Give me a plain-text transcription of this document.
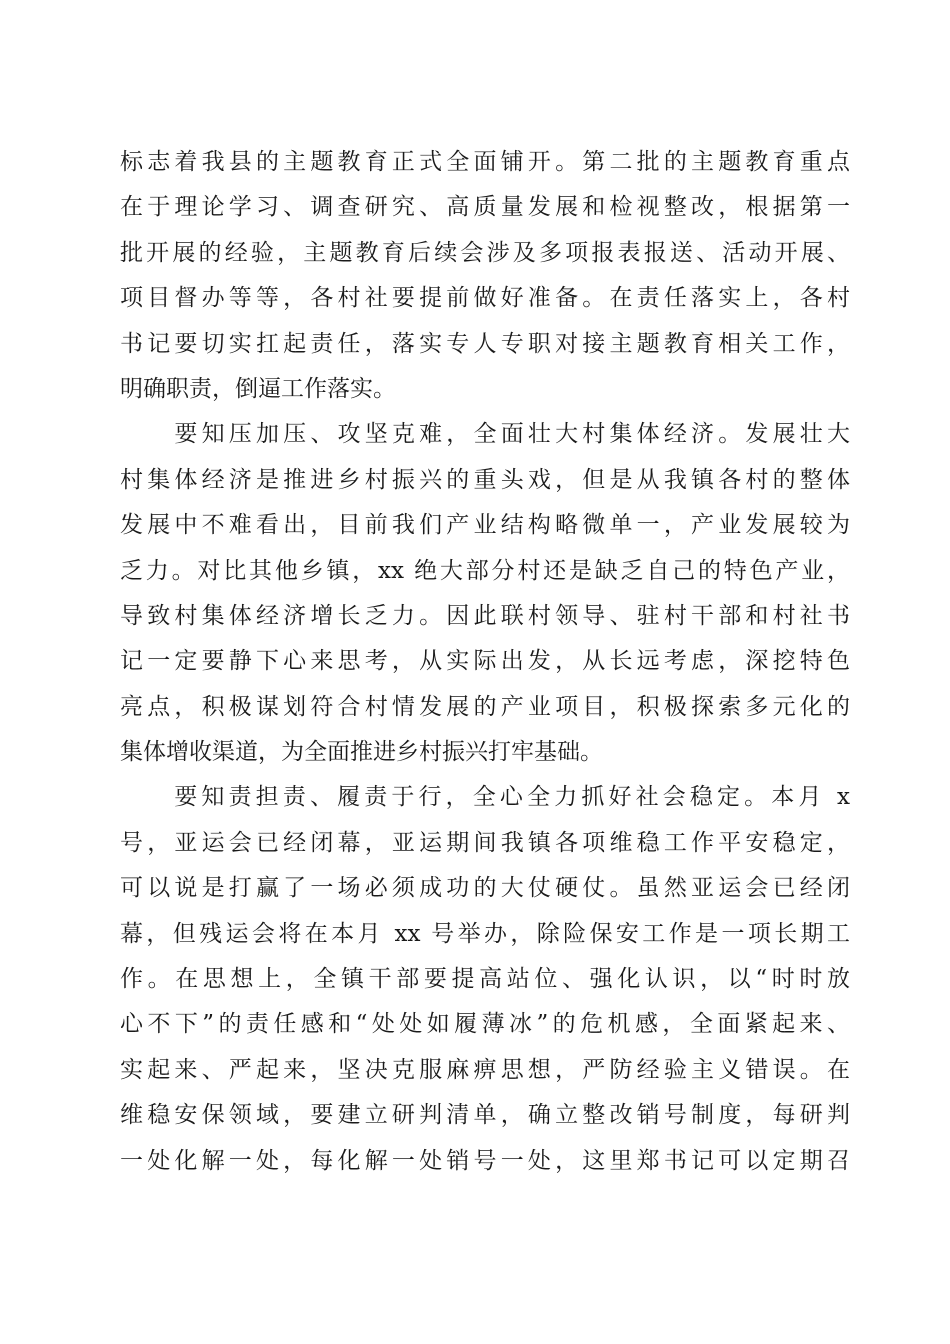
标志着我县的主题教育正式全面铺开。第二批的主题教育重点
在于理论学习、调查研究、高质量发展和检视整改，根据第一
批开展的经验，主题教育后续会涉及多项报表报送、活动开展、
项目督办等等，各村社要提前做好准备。在责任落实上，各村
书记要切实扛起责任，落实专人专职对接主题教育相关工作，
明确职责，倒逼工作落实。
　　要知压加压、攻坚克难，全面壮大村集体经济。发展壮大
村集体经济是推进乡村振兴的重头戏，但是从我镇各村的整体
发展中不难看出，目前我们产业结构略微单一，产业发展较为
乏力。对比其他乡镇，xx 绝大部分村还是缺乏自己的特色产业，
导致村集体经济增长乏力。因此联村领导、驻村干部和村社书
记一定要静下心来思考，从实际出发，从长远考虑，深挖特色
亮点，积极谋划符合村情发展的产业项目，积极探索多元化的
集体增收渠道，为全面推进乡村振兴打牢基础。
　　要知责担责、履责于行，全心全力抓好社会稳定。本月 x
号，亚运会已经闭幕，亚运期间我镇各项维稳工作平安稳定，
可以说是打赢了一场必须成功的大仗硬仗。虽然亚运会已经闭
幕，但残运会将在本月 xx 号举办，除险保安工作是一项长期工
作。在思想上，全镇干部要提高站位、强化认识，以“时时放
心不下”的责任感和“处处如履薄冰”的危机感，全面紧起来、
实起来、严起来，坚决克服麻痹思想，严防经验主义错误。在
维稳安保领域，要建立研判清单，确立整改销号制度，每研判
一处化解一处，每化解一处销号一处，这里郑书记可以定期召
